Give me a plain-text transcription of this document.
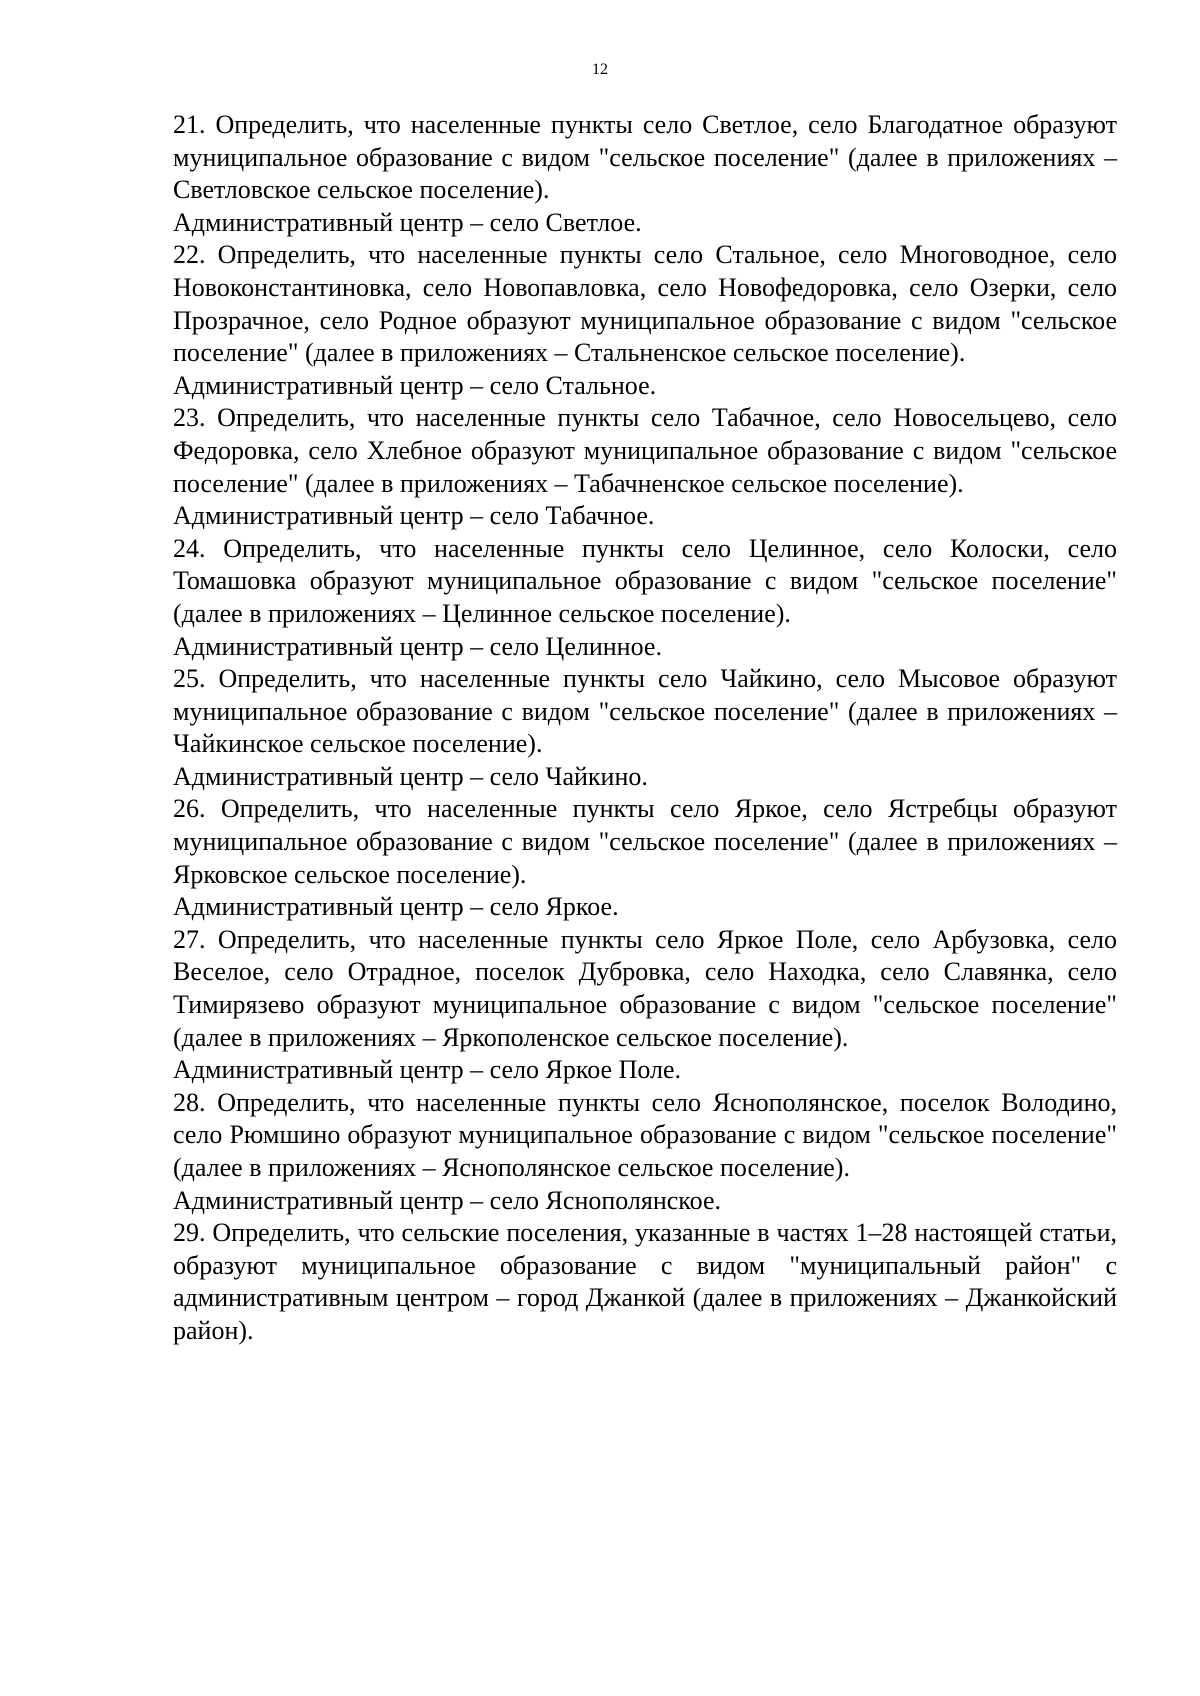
12

21. Определить, что населенные пункты село Светлое, село Благодатное образуют муниципальное образование с видом "сельское поселение" (далее в приложениях – Светловское сельское поселение).

Административный центр – село Светлое.

22. Определить, что населенные пункты село Стальное, село Многоводное, село Новоконстантиновка, село Новопавловка, село Новофедоровка, село Озерки, село Прозрачное, село Родное образуют муниципальное образование с видом "сельское поселение" (далее в приложениях – Стальненское сельское поселение).

Административный центр – село Стальное.

23. Определить, что населенные пункты село Табачное, село Новосельцево, село Федоровка, село Хлебное образуют муниципальное образование с видом "сельское поселение" (далее в приложениях – Табачненское сельское поселение).

Административный центр – село Табачное.

24. Определить, что населенные пункты село Целинное, село Колоски, село Томашовка образуют муниципальное образование с видом "сельское поселение" (далее в приложениях – Целинное сельское поселение).

Административный центр – село Целинное.

25. Определить, что населенные пункты село Чайкино, село Мысовое образуют муниципальное образование с видом "сельское поселение" (далее в приложениях – Чайкинское сельское поселение).

Административный центр – село Чайкино.

26. Определить, что населенные пункты село Яркое, село Ястребцы образуют муниципальное образование с видом "сельское поселение" (далее в приложениях – Ярковское сельское поселение).

Административный центр – село Яркое.

27. Определить, что населенные пункты село Яркое Поле, село Арбузовка, село Веселое, село Отрадное, поселок Дубровка, село Находка, село Славянка, село Тимирязево образуют муниципальное образование с видом "сельское поселение" (далее в приложениях – Яркополенское сельское поселение).

Административный центр – село Яркое Поле.

28. Определить, что населенные пункты село Яснополянское, поселок Володино, село Рюмшино образуют муниципальное образование с видом "сельское поселение" (далее в приложениях – Яснополянское сельское поселение).

Административный центр – село Яснополянское.

29. Определить, что сельские поселения, указанные в частях 1–28 настоящей статьи, образуют муниципальное образование с видом "муниципальный район" с административным центром – город Джанкой (далее в приложениях – Джанкойский район).
